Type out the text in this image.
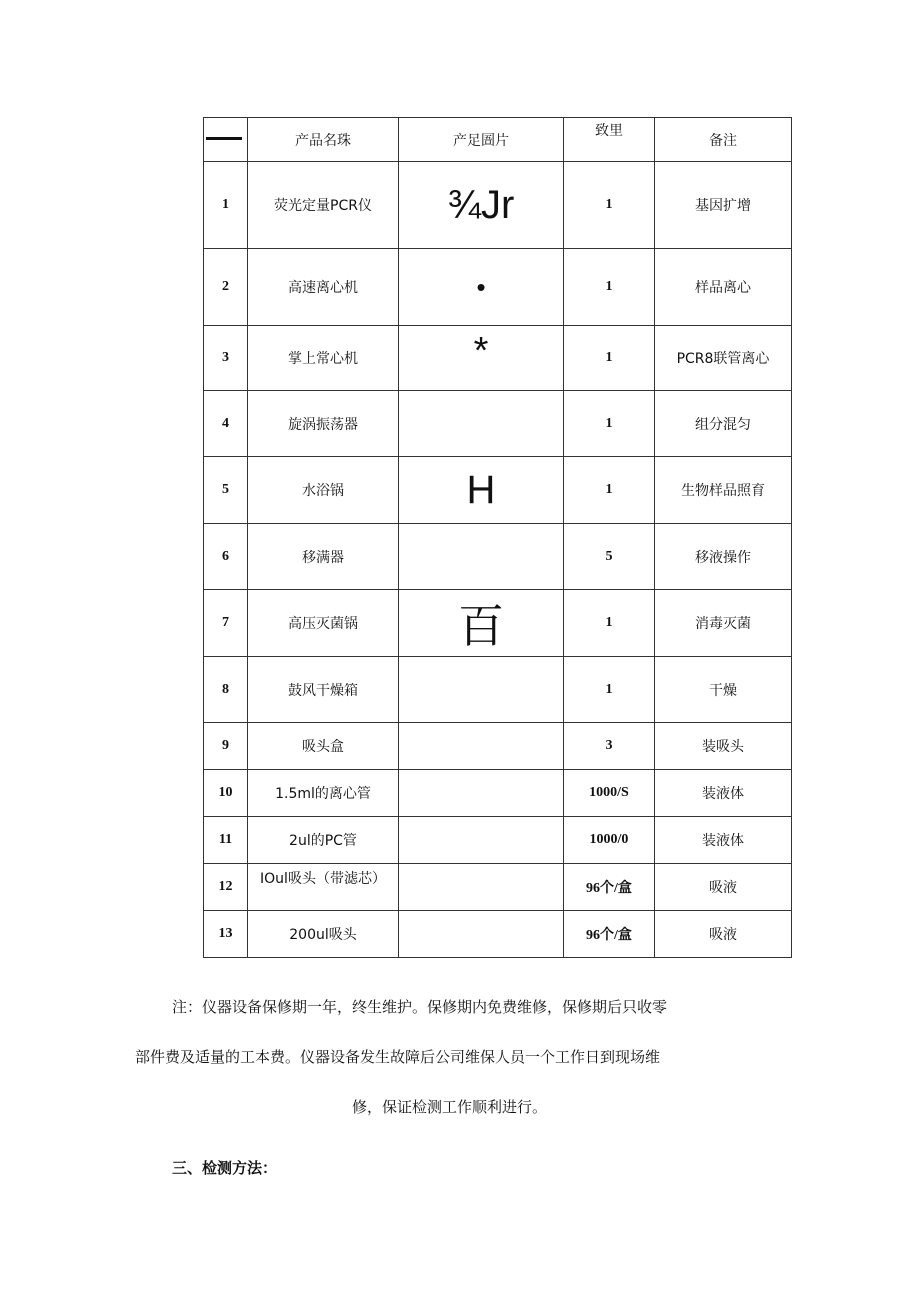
	产品名珠	产足圄片	致里	备注
1	荧光定量PCR仪	¾Jr	1	基因扩增
2	高速离心机	•	1	样品离心
3	掌上常心机	*	1	PCR8联管离心
4	旋涡振荡器		1	组分混匀
5	水浴锅	H	1	生物样品照育
6	移满器		5	移液操作
7	高压灭菌锅	百	1	消毒灭菌
8	鼓风干燥箱		1	干燥
9	吸头盒		3	装吸头
10	1.5ml的离心管		1000/S	装液体
11	2ul的PC管		1000/0	装液体
12	IOul吸头（带滤芯）		96个/盒	吸液
13	200ul吸头		96个/盒	吸液

注：仪器设备保修期一年，终生维护。保修期内免费维修，保修期后只收零

部件费及适量的工本费。仪器设备发生故障后公司维保人员一个工作日到现场维

修，保证检测工作顺利进行。

三、检测方法：
